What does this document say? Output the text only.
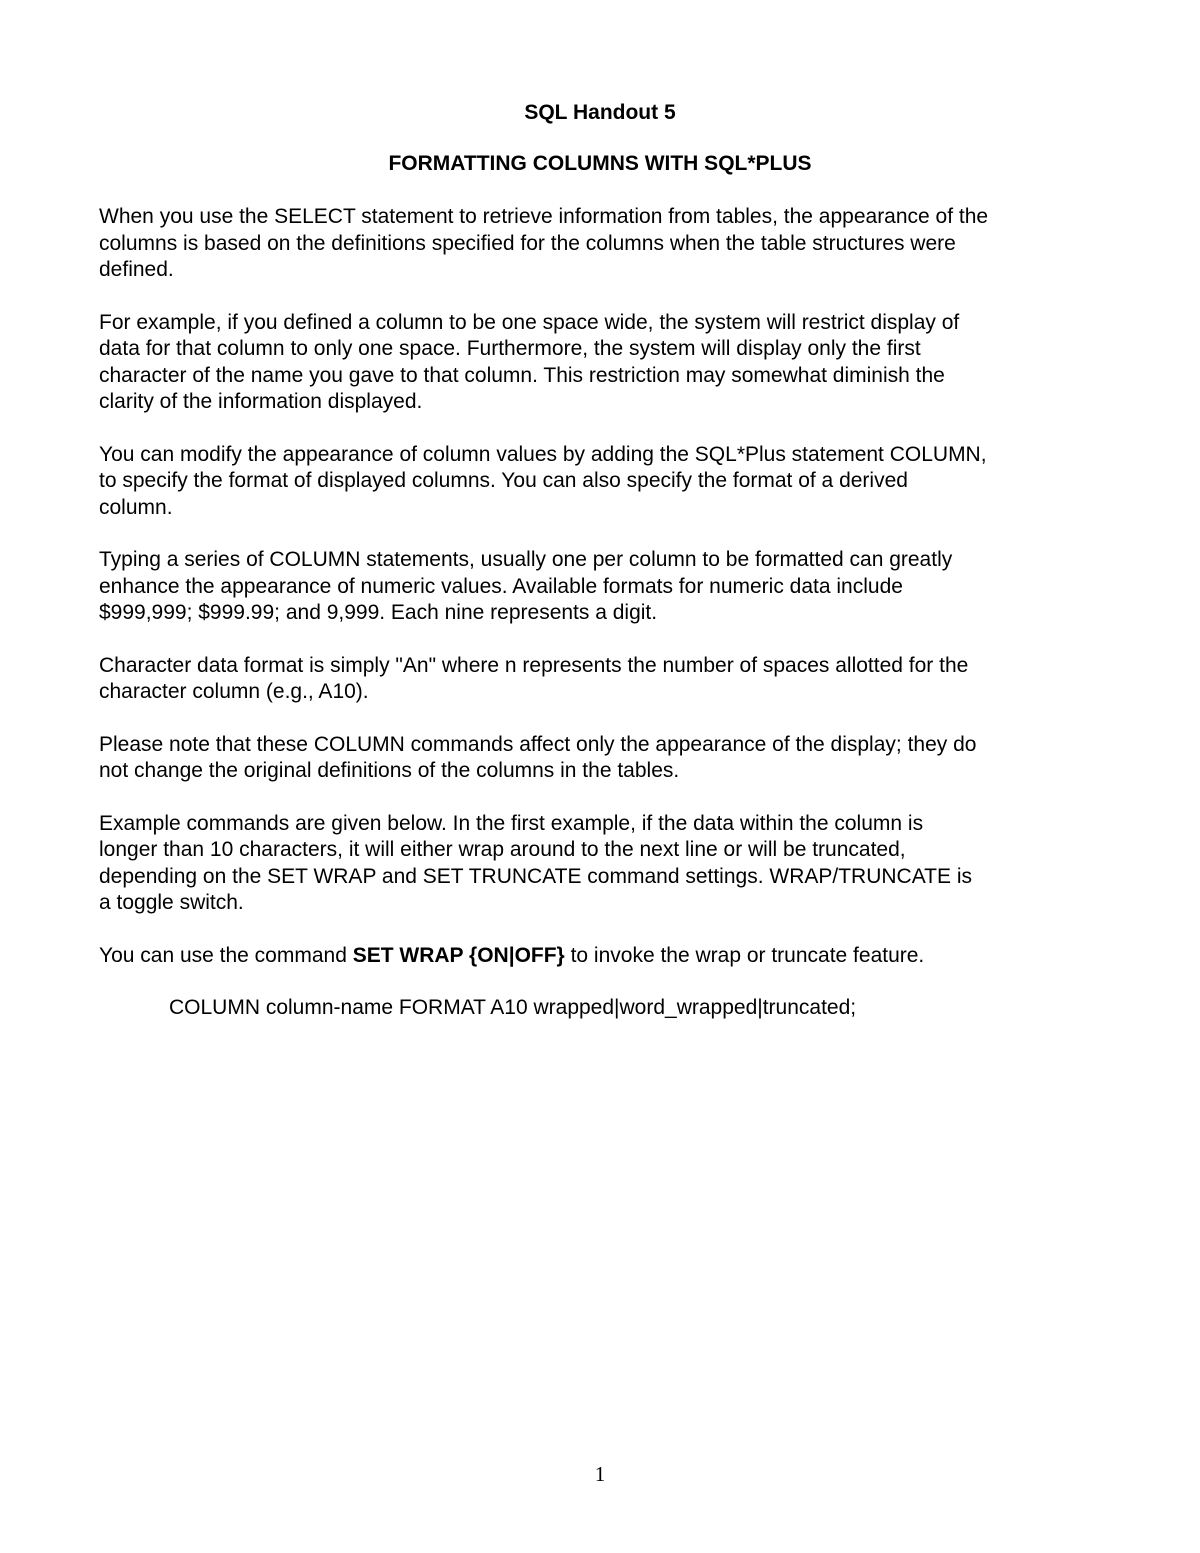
SQL Handout 5
FORMATTING COLUMNS WITH SQL*PLUS

When you use the SELECT statement to retrieve information from tables, the appearance of the
columns is based on the definitions specified for the columns when the table structures were
defined.

For example, if you defined a column to be one space wide, the system will restrict display of
data for that column to only one space. Furthermore, the system will display only the first
character of the name you gave to that column. This restriction may somewhat diminish the
clarity of the information displayed.

You can modify the appearance of column values by adding the SQL*Plus statement COLUMN,
to specify the format of displayed columns. You can also specify the format of a derived
column.

Typing a series of COLUMN statements, usually one per column to be formatted can greatly
enhance the appearance of numeric values. Available formats for numeric data include
$999,999; $999.99; and 9,999. Each nine represents a digit.

Character data format is simply "An" where n represents the number of spaces allotted for the
character column (e.g., A10).

Please note that these COLUMN commands affect only the appearance of the display; they do
not change the original definitions of the columns in the tables.

Example commands are given below. In the first example, if the data within the column is
longer than 10 characters, it will either wrap around to the next line or will be truncated,
depending on the SET WRAP and SET TRUNCATE command settings. WRAP/TRUNCATE is
a toggle switch.

You can use the command SET WRAP {ON|OFF} to invoke the wrap or truncate feature.

COLUMN column-name FORMAT A10 wrapped|word_wrapped|truncated;

1
